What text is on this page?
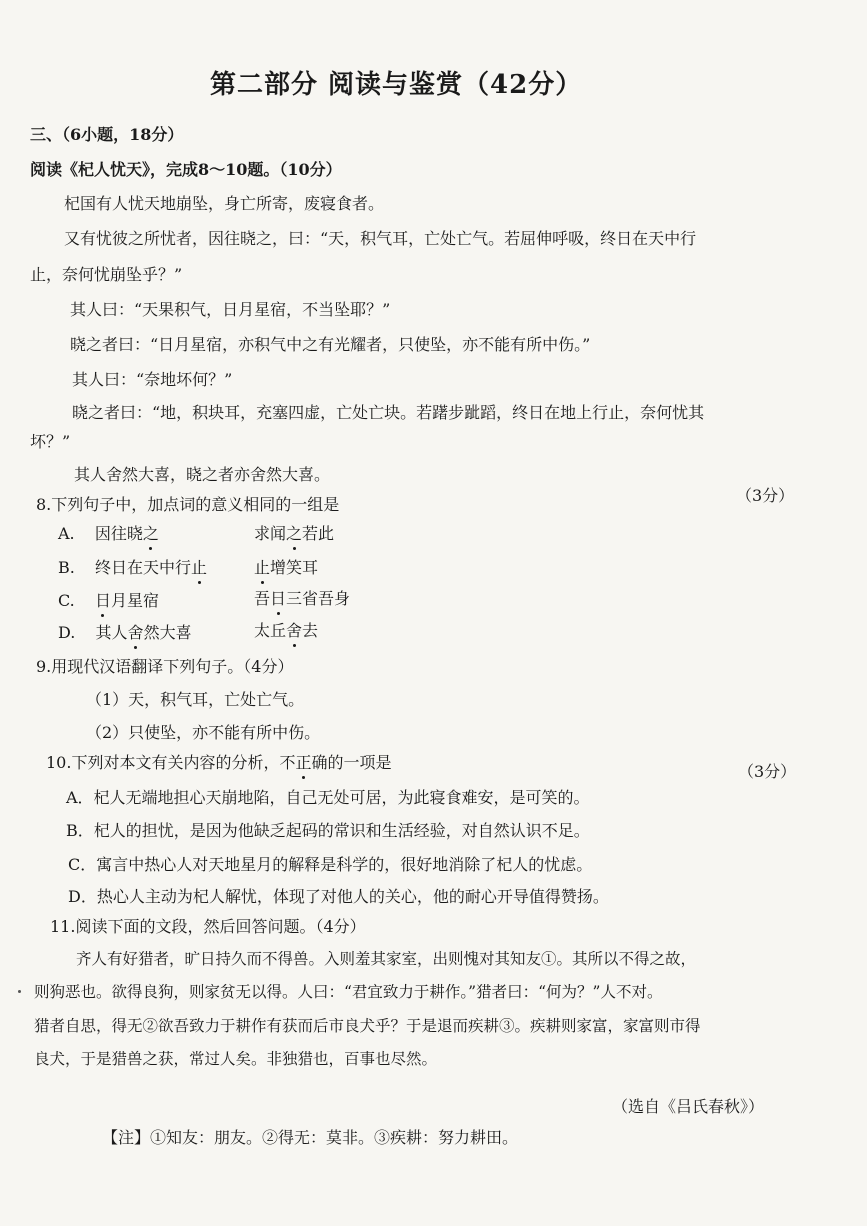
第二部分 阅读与鉴赏（42分）
三、（6小题，18分）
阅读《杞人忧天》，完成8～10题。（10分）
杞国有人忧天地崩坠，身亡所寄，废寝食者。
又有忧彼之所忧者，因往晓之，曰：“天，积气耳，亡处亡气。若屈伸呼吸，终日在天中行
止，奈何忧崩坠乎？”
其人曰：“天果积气，日月星宿，不当坠耶？”
晓之者曰：“日月星宿，亦积气中之有光耀者，只使坠，亦不能有所中伤。”
其人曰：“奈地坏何？”
晓之者曰：“地，积块耳，充塞四虚，亡处亡块。若躇步跐蹈，终日在地上行止，奈何忧其
坏？”
其人舍然大喜，晓之者亦舍然大喜。
8.下列句子中，加点词的意义相同的一组是	（3分）
A. 因往晓之	求闻之若此
B. 终日在天中行止	止增笑耳
C. 日月星宿	吾日三省吾身
D. 其人舍然大喜	太丘舍去
9.用现代汉语翻译下列句子。（4分）
（1）天，积气耳，亡处亡气。
（2）只使坠，亦不能有所中伤。
10.下列对本文有关内容的分析，不正确的一项是	（3分）
A．杞人无端地担心天崩地陷，自己无处可居，为此寝食难安，是可笑的。
B．杞人的担忧，是因为他缺乏起码的常识和生活经验，对自然认识不足。
C．寓言中热心人对天地星月的解释是科学的，很好地消除了杞人的忧虑。
D．热心人主动为杞人解忧，体现了对他人的关心，他的耐心开导值得赞扬。
11.阅读下面的文段，然后回答问题。（4分）
齐人有好猎者，旷日持久而不得兽。入则羞其家室，出则愧对其知友①。其所以不得之故，
则狗恶也。欲得良狗，则家贫无以得。人曰：“君宜致力于耕作。”猎者曰：“何为？”人不对。
猎者自思，得无②欲吾致力于耕作有获而后市良犬乎？于是退而疾耕③。疾耕则家富，家富则市得
良犬，于是猎兽之获，常过人矣。非独猎也，百事也尽然。
（选自《吕氏春秋》）
【注】①知友：朋友。②得无：莫非。③疾耕：努力耕田。
